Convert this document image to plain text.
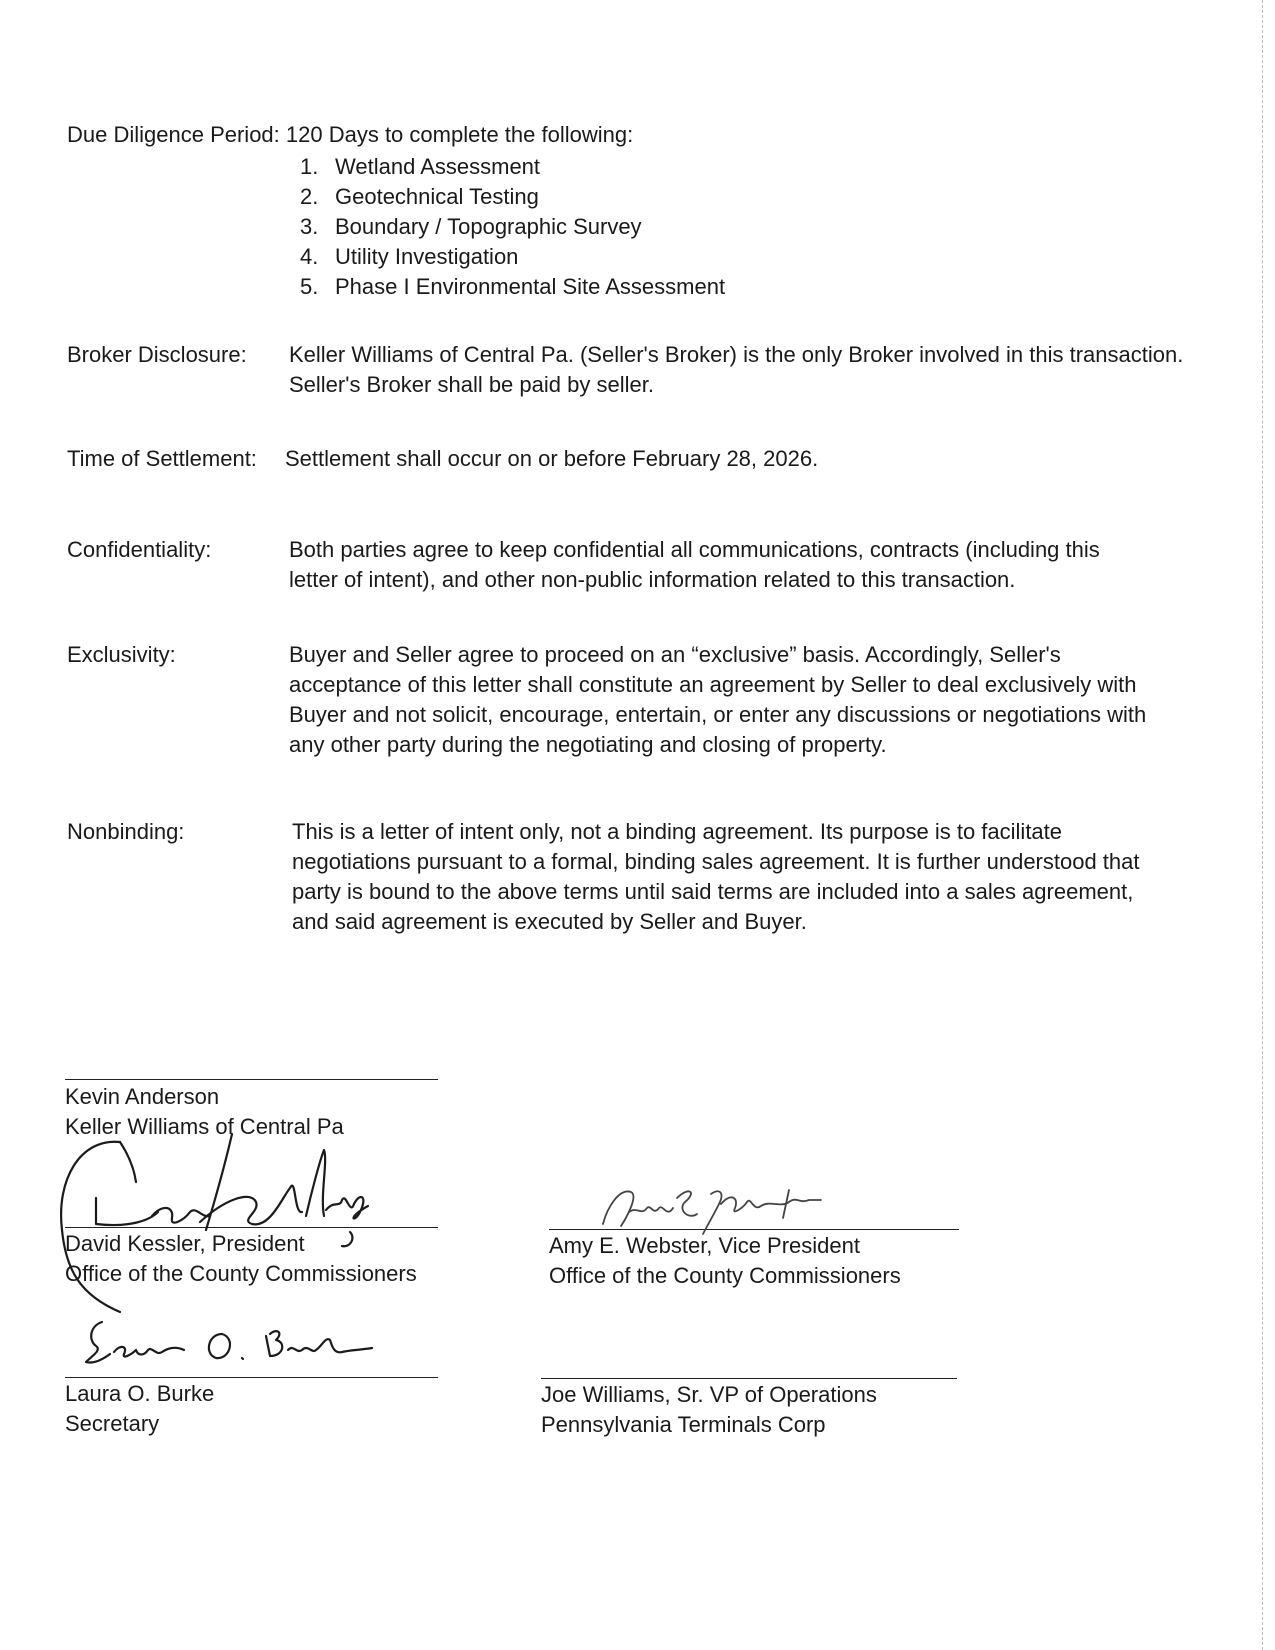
Due Diligence Period: 120 Days to complete the following:
1. Wetland Assessment
2. Geotechnical Testing
3. Boundary / Topographic Survey
4. Utility Investigation
5. Phase I Environmental Site Assessment
Broker Disclosure: Keller Williams of Central Pa. (Seller's Broker) is the only Broker involved in this transaction. Seller's Broker shall be paid by seller.
Time of Settlement: Settlement shall occur on or before February 28, 2026.
Confidentiality:	Both parties agree to keep confidential all communications, contracts (including this letter of intent), and other non-public information related to this transaction.
Exclusivity:	Buyer and Seller agree to proceed on an “exclusive” basis. Accordingly, Seller's acceptance of this letter shall constitute an agreement by Seller to deal exclusively with Buyer and not solicit, encourage, entertain, or enter any discussions or negotiations with any other party during the negotiating and closing of property.
Nonbinding:	This is a letter of intent only, not a binding agreement. Its purpose is to facilitate negotiations pursuant to a formal, binding sales agreement. It is further understood that party is bound to the above terms until said terms are included into a sales agreement, and said agreement is executed by Seller and Buyer.
Kevin Anderson
Keller Williams of Central Pa
David Kessler, President
Office of the County Commissioners
Amy E. Webster, Vice President
Office of the County Commissioners
Laura O. Burke
Secretary
Joe Williams, Sr. VP of Operations
Pennsylvania Terminals Corp
